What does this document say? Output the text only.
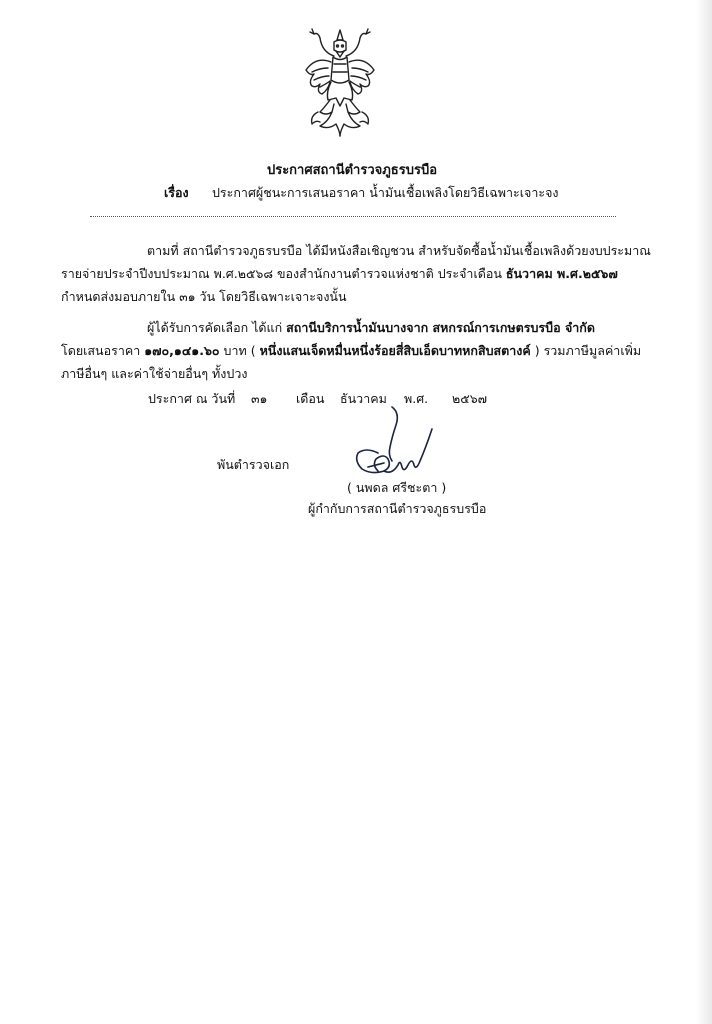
ประกาศสถานีตำรวจภูธรบรบือ
เรื่อง ประกาศผู้ชนะการเสนอราคา น้ำมันเชื้อเพลิงโดยวิธีเฉพาะเจาะจง
ตามที่ สถานีตำรวจภูธรบรบือ ได้มีหนังสือเชิญชวน สำหรับจัดซื้อน้ำมันเชื้อเพลิงด้วยงบประมาณ
รายจ่ายประจำปีงบประมาณ พ.ศ.๒๕๖๘ ของสำนักงานตำรวจแห่งชาติ ประจำเดือน ธันวาคม พ.ศ.๒๕๖๗
กำหนดส่งมอบภายใน ๓๑ วัน โดยวิธีเฉพาะเจาะจงนั้น
ผู้ได้รับการคัดเลือก ได้แก่ สถานีบริการน้ำมันบางจาก สหกรณ์การเกษตรบรบือ จำกัด
โดยเสนอราคา ๑๗๐,๑๔๑.๖๐ บาท ( หนึ่งแสนเจ็ดหมื่นหนึ่งร้อยสี่สิบเอ็ดบาทหกสิบสตางค์ ) รวมภาษีมูลค่าเพิ่ม
ภาษีอื่นๆ และค่าใช้จ่ายอื่นๆ ทั้งปวง
ประกาศ ณ วันที่ ๓๑ เดือน ธันวาคม พ.ศ. ๒๕๖๗
พันตำรวจเอก
( นพดล ศรีชะตา )
ผู้กำกับการสถานีตำรวจภูธรบรบือ
